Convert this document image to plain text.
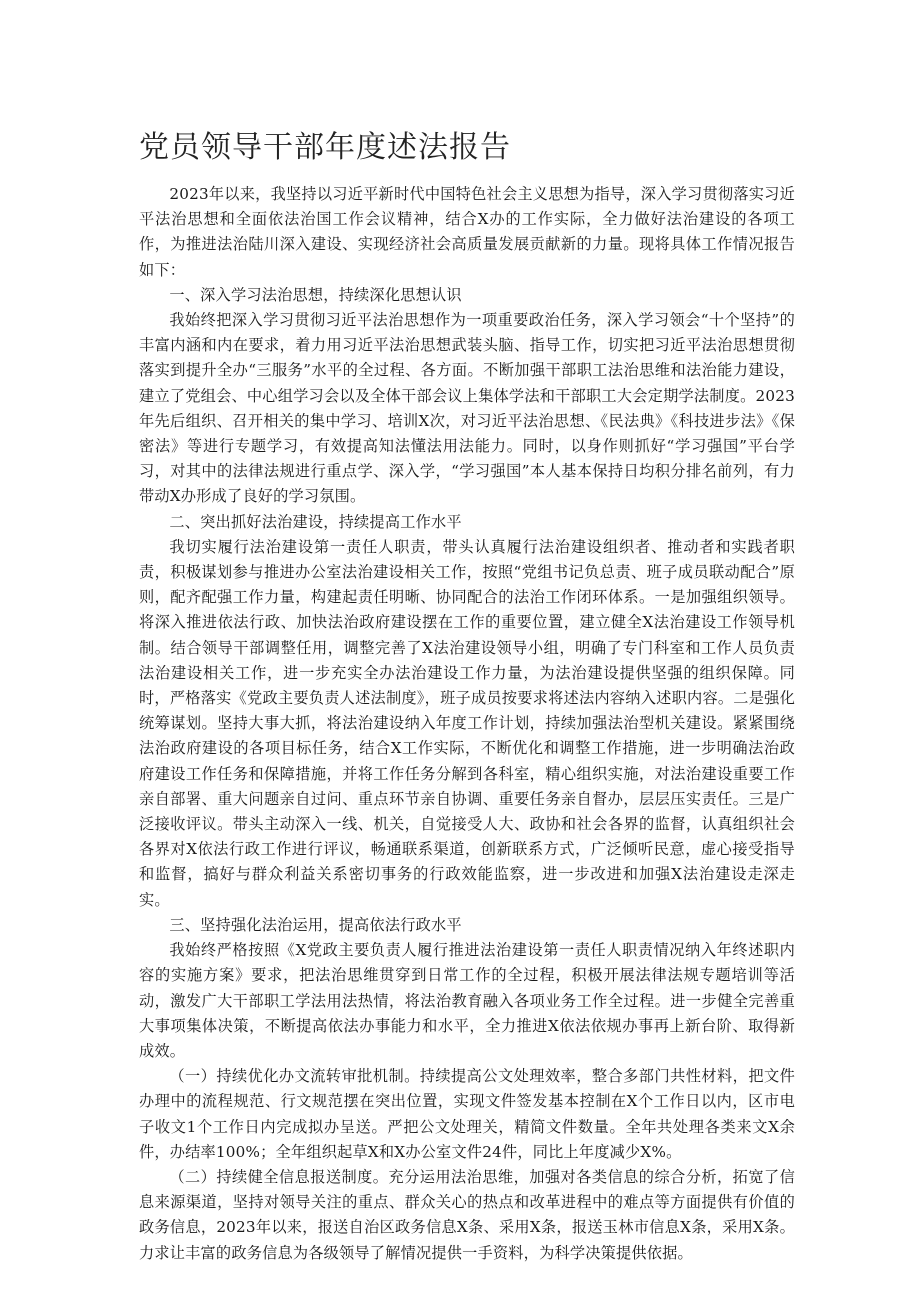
党员领导干部年度述法报告

2023年以来，我坚持以习近平新时代中国特色社会主义思想为指导，深入学习贯彻落实习近平法治思想和全面依法治国工作会议精神，结合X办的工作实际，全力做好法治建设的各项工作，为推进法治陆川深入建设、实现经济社会高质量发展贡献新的力量。现将具体工作情况报告如下：

一、深入学习法治思想，持续深化思想认识

我始终把深入学习贯彻习近平法治思想作为一项重要政治任务，深入学习领会“十个坚持”的丰富内涵和内在要求，着力用习近平法治思想武装头脑、指导工作，切实把习近平法治思想贯彻落实到提升全办“三服务”水平的全过程、各方面。不断加强干部职工法治思维和法治能力建设，建立了党组会、中心组学习会以及全体干部会议上集体学法和干部职工大会定期学法制度。2023年先后组织、召开相关的集中学习、培训X次，对习近平法治思想、《民法典》《科技进步法》《保密法》等进行专题学习，有效提高知法懂法用法能力。同时，以身作则抓好“学习强国”平台学习，对其中的法律法规进行重点学、深入学，“学习强国”本人基本保持日均积分排名前列，有力带动X办形成了良好的学习氛围。

二、突出抓好法治建设，持续提高工作水平

我切实履行法治建设第一责任人职责，带头认真履行法治建设组织者、推动者和实践者职责，积极谋划参与推进办公室法治建设相关工作，按照“党组书记负总责、班子成员联动配合”原则，配齐配强工作力量，构建起责任明晰、协同配合的法治工作闭环体系。一是加强组织领导。将深入推进依法行政、加快法治政府建设摆在工作的重要位置，建立健全X法治建设工作领导机制。结合领导干部调整任用，调整完善了X法治建设领导小组，明确了专门科室和工作人员负责法治建设相关工作，进一步充实全办法治建设工作力量，为法治建设提供坚强的组织保障。同时，严格落实《党政主要负责人述法制度》，班子成员按要求将述法内容纳入述职内容。二是强化统筹谋划。坚持大事大抓，将法治建设纳入年度工作计划，持续加强法治型机关建设。紧紧围绕法治政府建设的各项目标任务，结合X工作实际，不断优化和调整工作措施，进一步明确法治政府建设工作任务和保障措施，并将工作任务分解到各科室，精心组织实施，对法治建设重要工作亲自部署、重大问题亲自过问、重点环节亲自协调、重要任务亲自督办，层层压实责任。三是广泛接收评议。带头主动深入一线、机关，自觉接受人大、政协和社会各界的监督，认真组织社会各界对X依法行政工作进行评议，畅通联系渠道，创新联系方式，广泛倾听民意，虚心接受指导和监督，搞好与群众利益关系密切事务的行政效能监察，进一步改进和加强X法治建设走深走实。

三、坚持强化法治运用，提高依法行政水平

我始终严格按照《X党政主要负责人履行推进法治建设第一责任人职责情况纳入年终述职内容的实施方案》要求，把法治思维贯穿到日常工作的全过程，积极开展法律法规专题培训等活动，激发广大干部职工学法用法热情，将法治教育融入各项业务工作全过程。进一步健全完善重大事项集体决策，不断提高依法办事能力和水平，全力推进X依法依规办事再上新台阶、取得新成效。

（一）持续优化办文流转审批机制。持续提高公文处理效率，整合多部门共性材料，把文件办理中的流程规范、行文规范摆在突出位置，实现文件签发基本控制在X个工作日以内，区市电子收文1个工作日内完成拟办呈送。严把公文处理关，精简文件数量。全年共处理各类来文X余件，办结率100%；全年组织起草X和X办公室文件24件，同比上年度减少X%。

（二）持续健全信息报送制度。充分运用法治思维，加强对各类信息的综合分析，拓宽了信息来源渠道，坚持对领导关注的重点、群众关心的热点和改革进程中的难点等方面提供有价值的政务信息，2023年以来，报送自治区政务信息X条、采用X条，报送玉林市信息X条，采用X条。力求让丰富的政务信息为各级领导了解情况提供一手资料，为科学决策提供依据。
